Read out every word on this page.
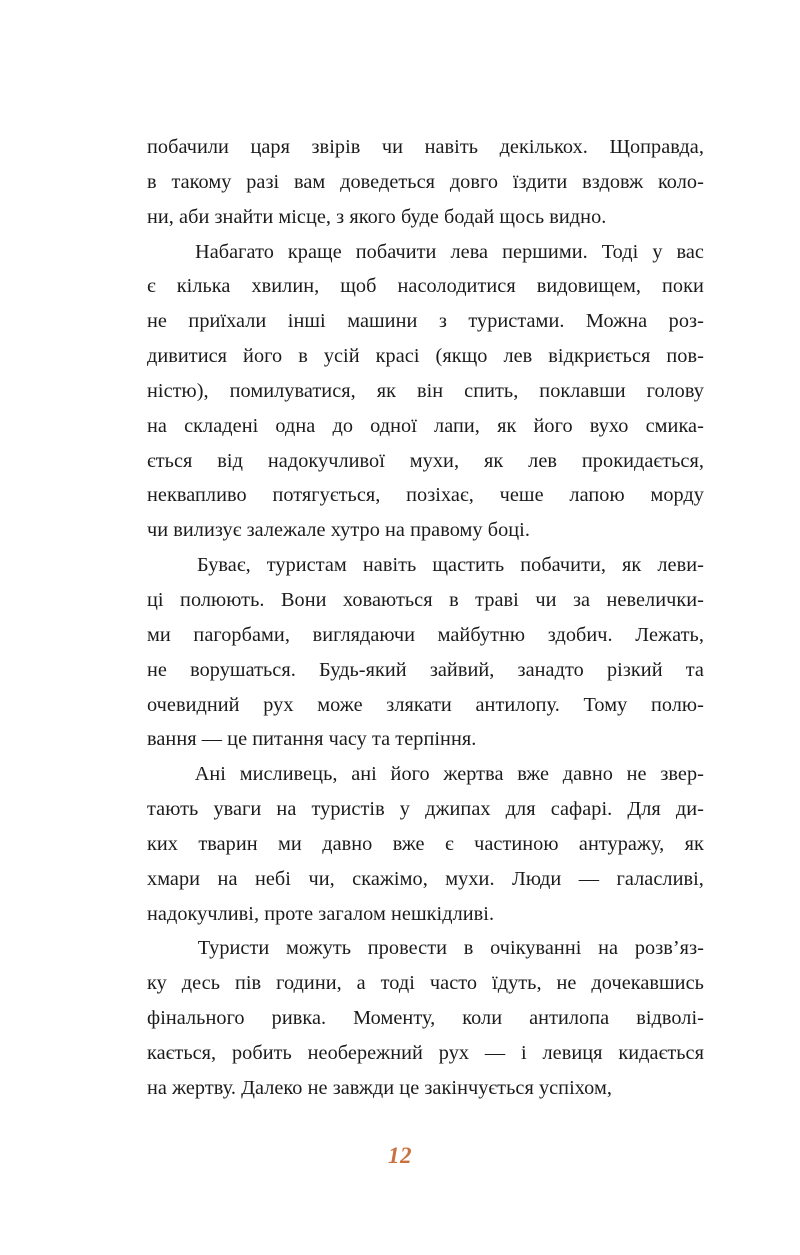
побачили царя звірів чи навіть декількох. Щоправда,
в такому разі вам доведеться довго їздити вздовж коло-
ни, аби знайти місце, з якого буде бодай щось видно.
Набагато краще побачити лева першими. Тоді у вас
є кілька хвилин, щоб насолодитися видовищем, поки
не приїхали інші машини з туристами. Можна роз-
дивитися його в усій красі (якщо лев відкриється пов-
ністю), помилуватися, як він спить, поклавши голову
на складені одна до одної лапи, як його вухо смика-
ється від надокучливої мухи, як лев прокидається,
неквапливо потягується, позіхає, чеше лапою морду
чи вилизує залежале хутро на правому боці.
Буває, туристам навіть щастить побачити, як леви-
ці полюють. Вони ховаються в траві чи за невелички-
ми пагорбами, виглядаючи майбутню здобич. Лежать,
не ворушаться. Будь-який зайвий, занадто різкий та
очевидний рух може злякати антилопу. Тому полю-
вання — це питання часу та терпіння.
Ані мисливець, ані його жертва вже давно не звер-
тають уваги на туристів у джипах для сафарі. Для ди-
ких тварин ми давно вже є частиною антуражу, як
хмари на небі чи, скажімо, мухи. Люди — галасливі,
надокучливі, проте загалом нешкідливі.
Туристи можуть провести в очікуванні на розв’яз-
ку десь пів години, а тоді часто їдуть, не дочекавшись
фінального ривка. Моменту, коли антилопа відволі-
кається, робить необережний рух — і левиця кидається
на жертву. Далеко не завжди це закінчується успіхом,
12
